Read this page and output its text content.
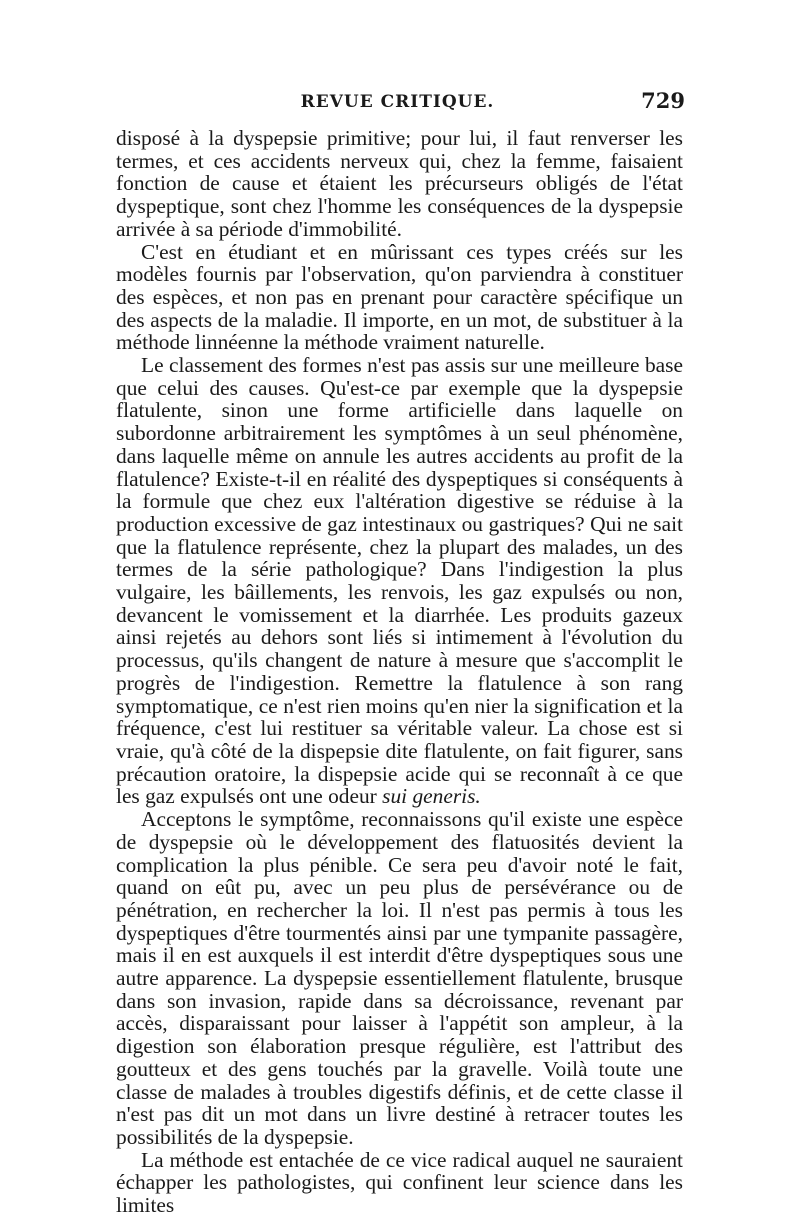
REVUE CRITIQUE.	729

disposé à la dyspepsie primitive; pour lui, il faut renverser les termes, et ces accidents nerveux qui, chez la femme, faisaient fonction de cause et étaient les précurseurs obligés de l'état dyspeptique, sont chez l'homme les conséquences de la dyspepsie arrivée à sa période d'immobilité.

C'est en étudiant et en mûrissant ces types créés sur les modèles fournis par l'observation, qu'on parviendra à constituer des espèces, et non pas en prenant pour caractère spécifique un des aspects de la maladie. Il importe, en un mot, de substituer à la méthode linnéenne la méthode vraiment naturelle.

Le classement des formes n'est pas assis sur une meilleure base que celui des causes. Qu'est-ce par exemple que la dyspepsie flatulente, sinon une forme artificielle dans laquelle on subordonne arbitrairement les symptômes à un seul phénomène, dans laquelle même on annule les autres accidents au profit de la flatulence? Existe-t-il en réalité des dyspeptiques si conséquents à la formule que chez eux l'altération digestive se réduise à la production excessive de gaz intestinaux ou gastriques? Qui ne sait que la flatulence représente, chez la plupart des malades, un des termes de la série pathologique? Dans l'indigestion la plus vulgaire, les bâillements, les renvois, les gaz expulsés ou non, devancent le vomissement et la diarrhée. Les produits gazeux ainsi rejetés au dehors sont liés si intimement à l'évolution du processus, qu'ils changent de nature à mesure que s'accomplit le progrès de l'indigestion. Remettre la flatulence à son rang symptomatique, ce n'est rien moins qu'en nier la signification et la fréquence, c'est lui restituer sa véritable valeur. La chose est si vraie, qu'à côté de la dispepsie dite flatulente, on fait figurer, sans précaution oratoire, la dispepsie acide qui se reconnaît à ce que les gaz expulsés ont une odeur sui generis.

Acceptons le symptôme, reconnaissons qu'il existe une espèce de dyspepsie où le développement des flatuosités devient la complication la plus pénible. Ce sera peu d'avoir noté le fait, quand on eût pu, avec un peu plus de persévérance ou de pénétration, en rechercher la loi. Il n'est pas permis à tous les dyspeptiques d'être tourmentés ainsi par une tympanite passagère, mais il en est auxquels il est interdit d'être dyspeptiques sous une autre apparence. La dyspepsie essentiellement flatulente, brusque dans son invasion, rapide dans sa décroissance, revenant par accès, disparaissant pour laisser à l'appétit son ampleur, à la digestion son élaboration presque régulière, est l'attribut des goutteux et des gens touchés par la gravelle. Voilà toute une classe de malades à troubles digestifs définis, et de cette classe il n'est pas dit un mot dans un livre destiné à retracer toutes les possibilités de la dyspepsie.

La méthode est entachée de ce vice radical auquel ne sauraient échapper les pathologistes, qui confinent leur science dans les limites
